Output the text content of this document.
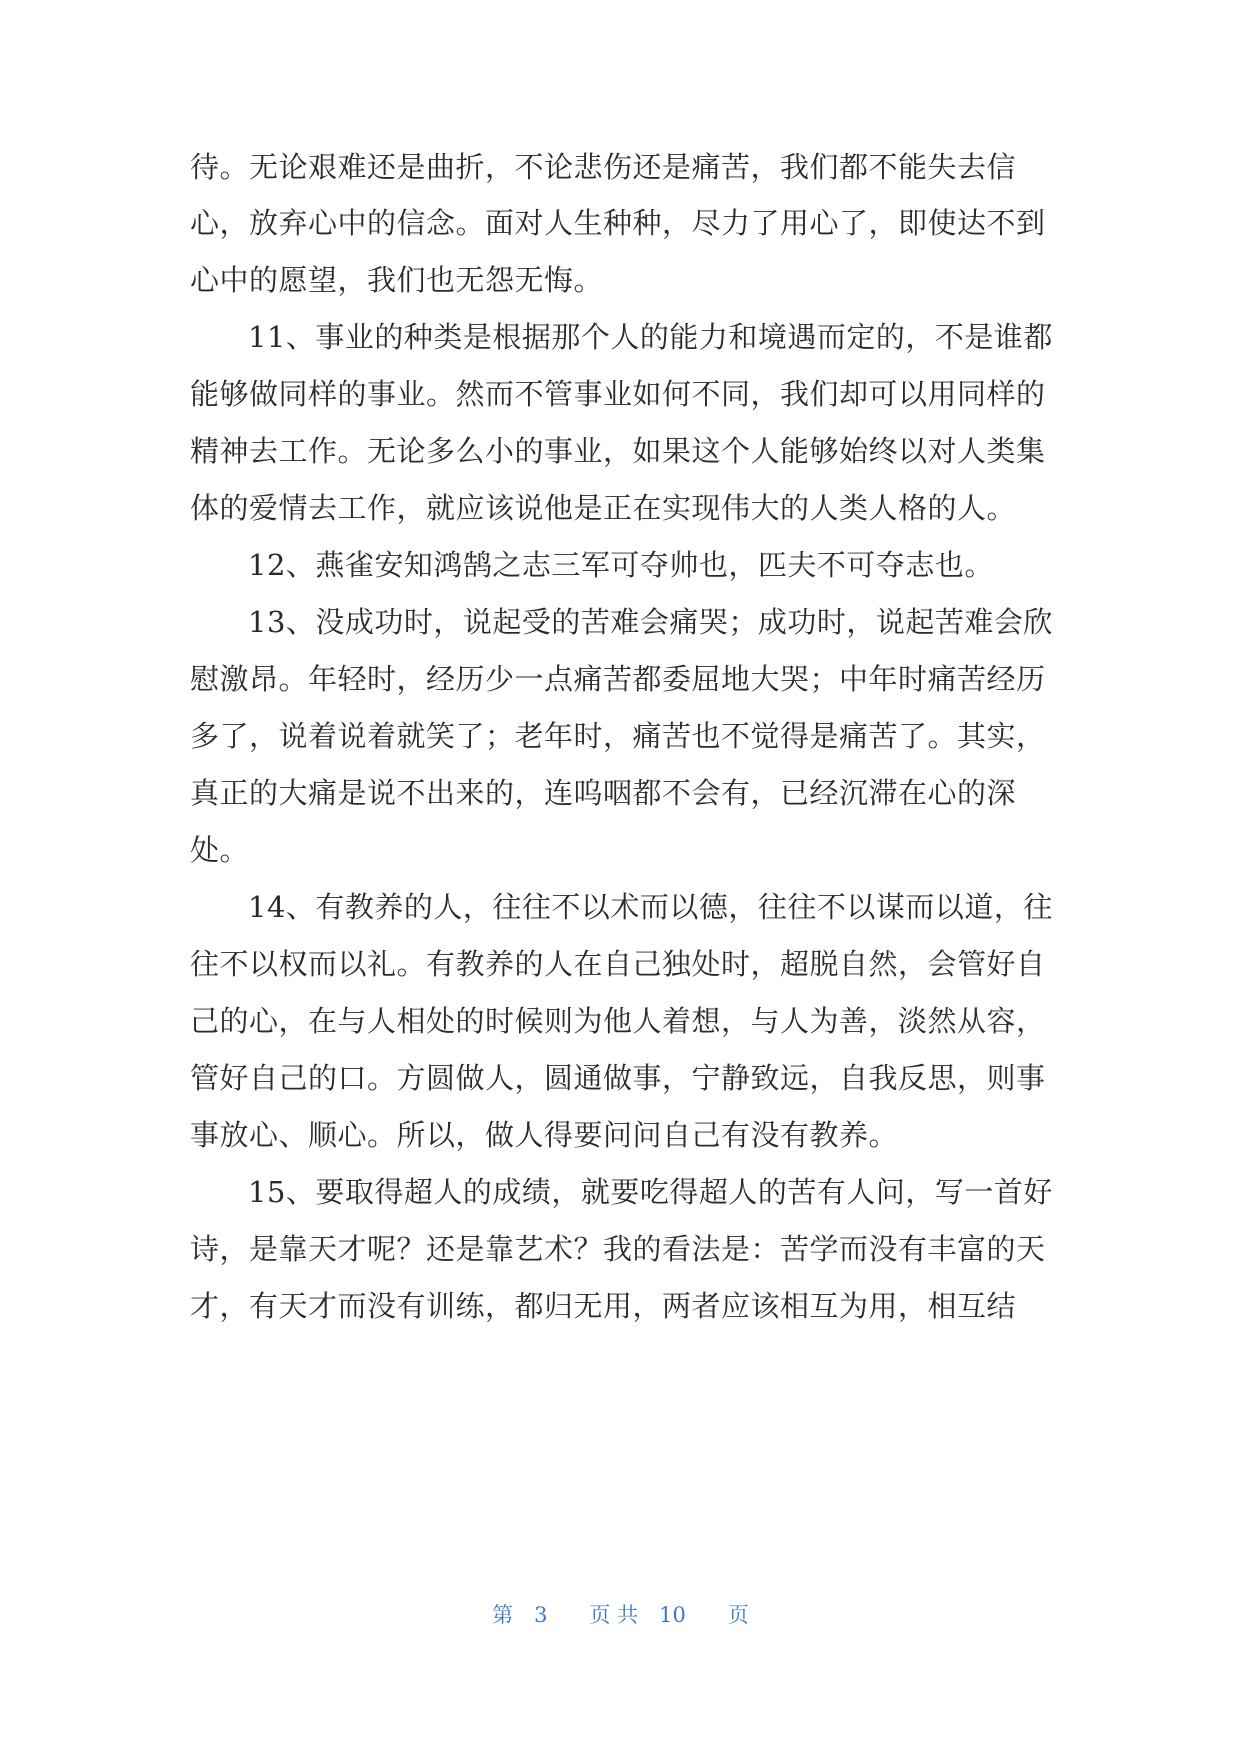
待。无论艰难还是曲折，不论悲伤还是痛苦，我们都不能失去信

心，放弃心中的信念。面对人生种种，尽力了用心了，即使达不到

心中的愿望，我们也无怨无悔。

11、事业的种类是根据那个人的能力和境遇而定的，不是谁都

能够做同样的事业。然而不管事业如何不同，我们却可以用同样的

精神去工作。无论多么小的事业，如果这个人能够始终以对人类集

体的爱情去工作，就应该说他是正在实现伟大的人类人格的人。

12、燕雀安知鸿鹄之志三军可夺帅也，匹夫不可夺志也。

13、没成功时，说起受的苦难会痛哭；成功时，说起苦难会欣

慰激昂。年轻时，经历少一点痛苦都委屈地大哭；中年时痛苦经历

多了，说着说着就笑了；老年时，痛苦也不觉得是痛苦了。其实，

真正的大痛是说不出来的，连呜咽都不会有，已经沉滞在心的深

处。

14、有教养的人，往往不以术而以德，往往不以谋而以道，往

往不以权而以礼。有教养的人在自己独处时，超脱自然，会管好自

己的心，在与人相处的时候则为他人着想，与人为善，淡然从容，

管好自己的口。方圆做人，圆通做事，宁静致远，自我反思，则事

事放心、顺心。所以，做人得要问问自己有没有教养。

15、要取得超人的成绩，就要吃得超人的苦有人问，写一首好

诗，是靠天才呢？还是靠艺术？我的看法是：苦学而没有丰富的天

才，有天才而没有训练，都归无用，两者应该相互为用，相互结

第　3　　页 共　10　　页
